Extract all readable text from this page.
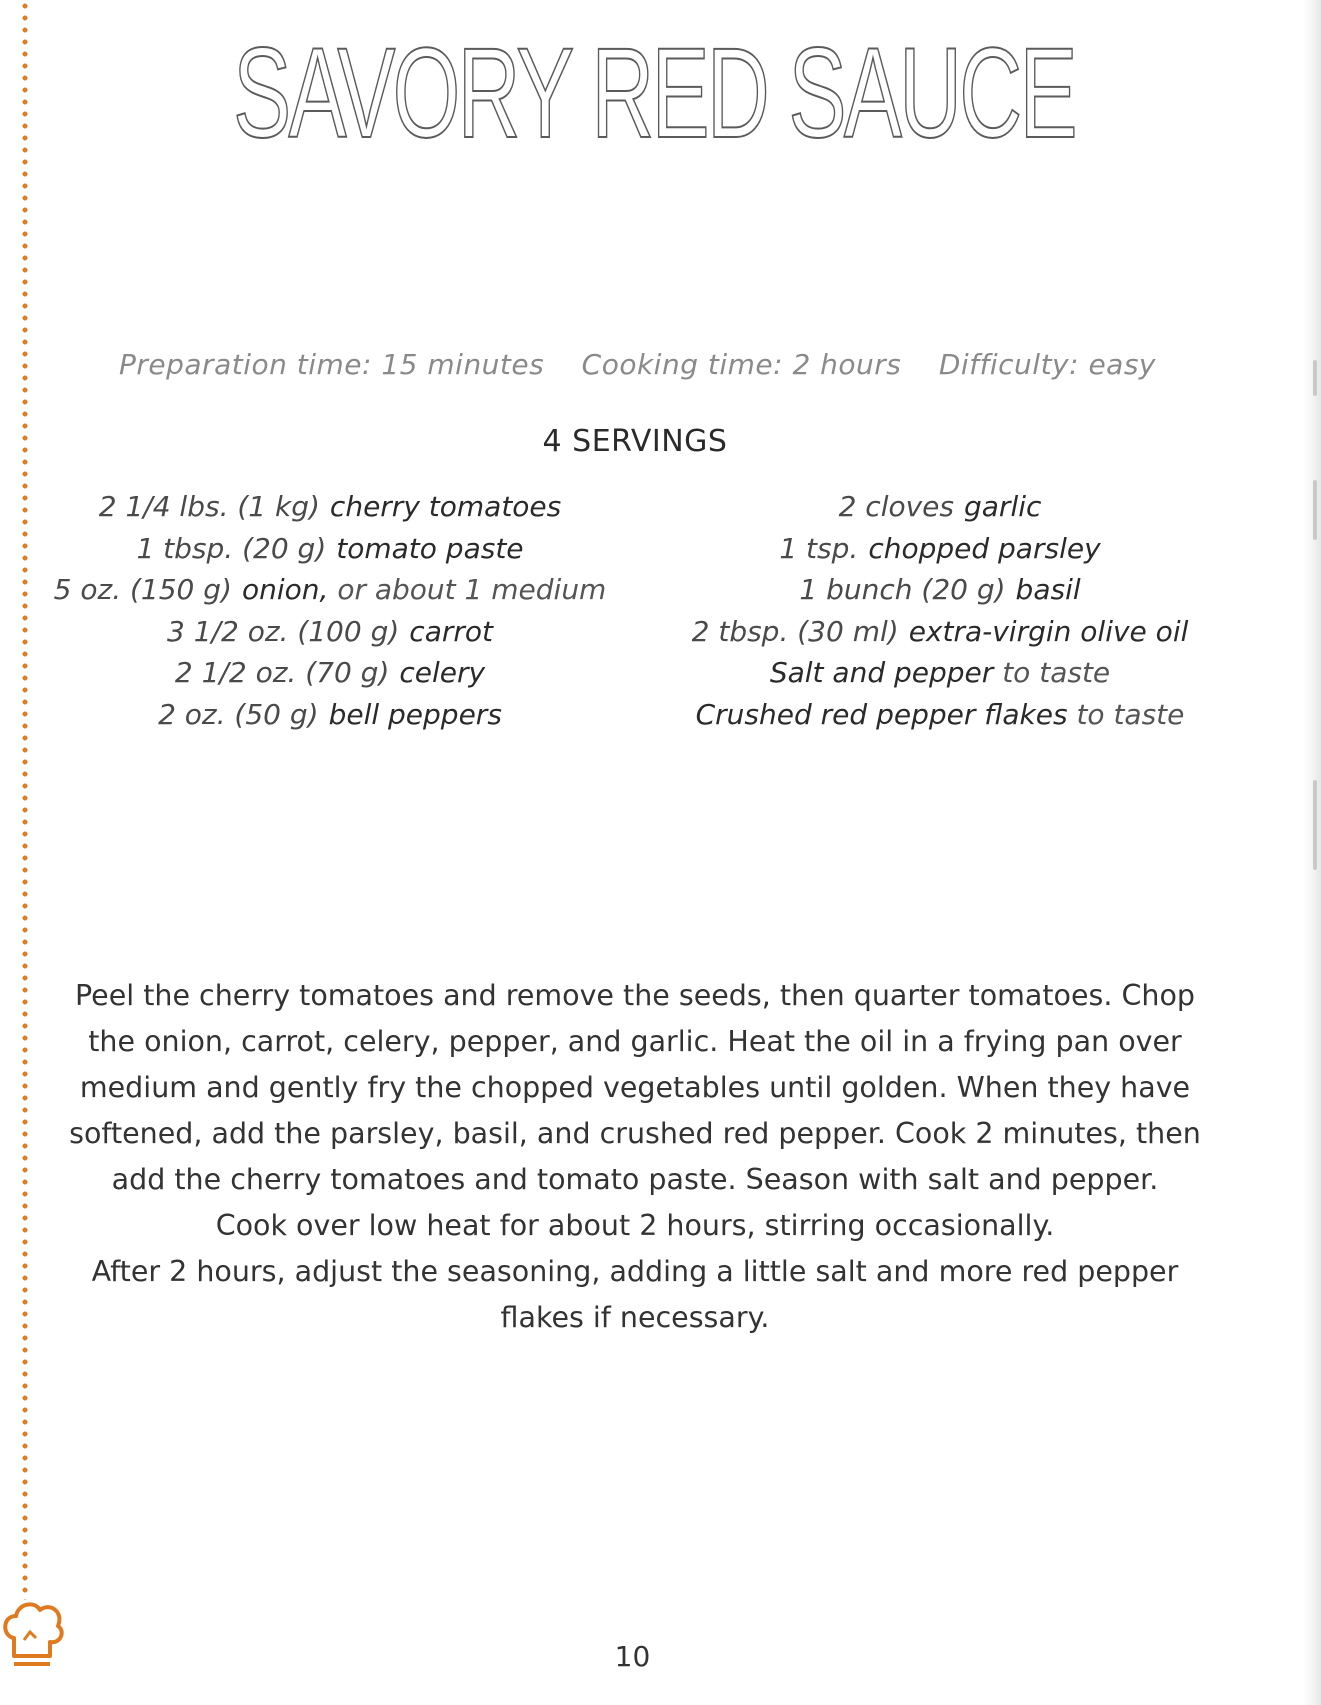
SAVORY RED SAUCE
Preparation time: 15 minutes Cooking time: 2 hours Difficulty: easy
4 SERVINGS
2 1/4 lbs. (1 kg) cherry tomatoes
1 tbsp. (20 g) tomato paste
5 oz. (150 g) onion, or about 1 medium
3 1/2 oz. (100 g) carrot
2 1/2 oz. (70 g) celery
2 oz. (50 g) bell peppers
2 cloves garlic
1 tsp. chopped parsley
1 bunch (20 g) basil
2 tbsp. (30 ml) extra-virgin olive oil
Salt and pepper to taste
Crushed red pepper flakes to taste

Peel the cherry tomatoes and remove the seeds, then quarter tomatoes. Chop

the onion, carrot, celery, pepper, and garlic. Heat the oil in a frying pan over

medium and gently fry the chopped vegetables until golden. When they have

softened, add the parsley, basil, and crushed red pepper. Cook 2 minutes, then

add the cherry tomatoes and tomato paste. Season with salt and pepper.

Cook over low heat for about 2 hours, stirring occasionally.

After 2 hours, adjust the seasoning, adding a little salt and more red pepper

flakes if necessary.

10
